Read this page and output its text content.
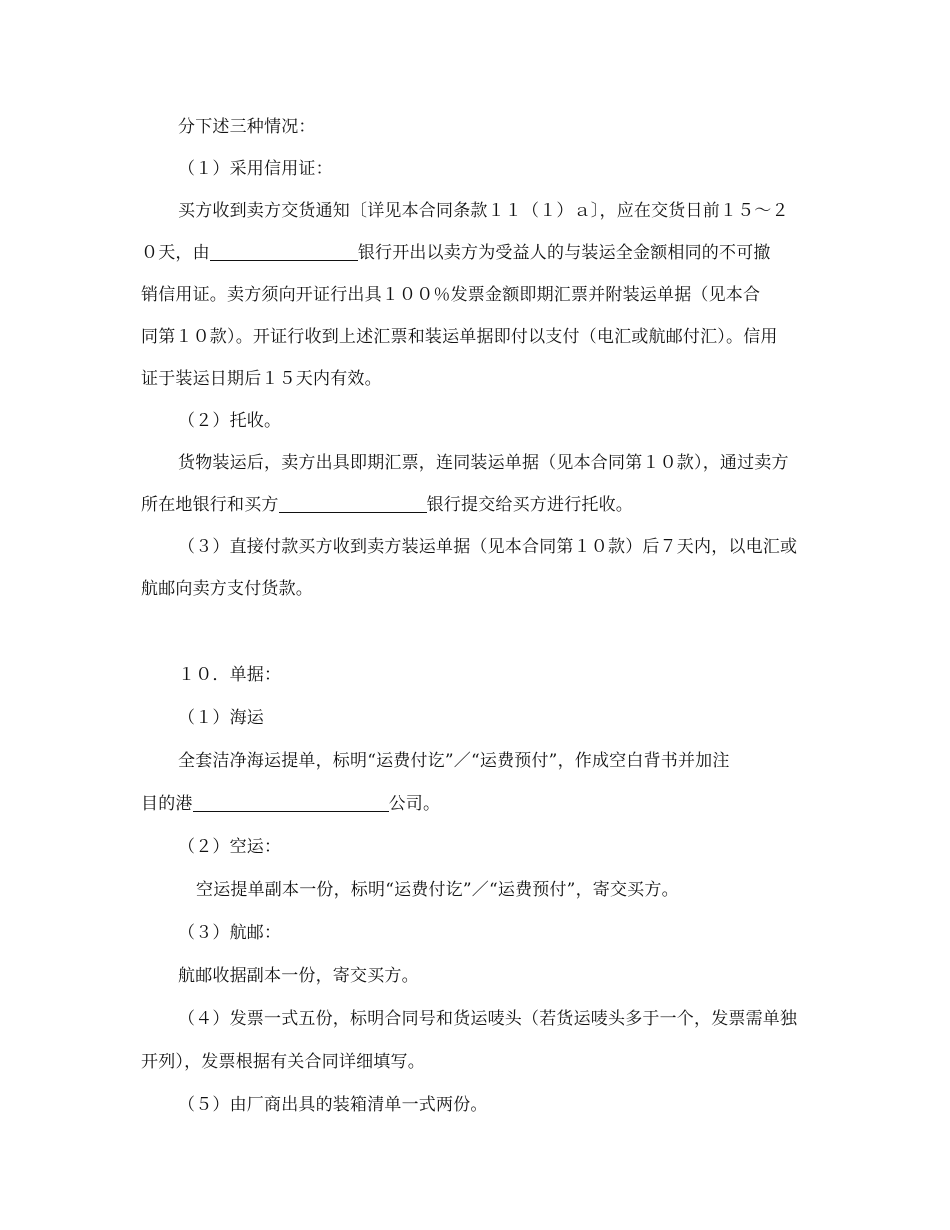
分下述三种情况：
（１）采用信用证：
买方收到卖方交货通知〔详见本合同条款１１（１）ａ〕，应在交货日前１５～２
０天，由	银行开出以卖方为受益人的与装运全金额相同的不可撤
销信用证。卖方须向开证行出具１００％发票金额即期汇票并附装运单据（见本合
同第１０款）。开证行收到上述汇票和装运单据即付以支付（电汇或航邮付汇）。信用
证于装运日期后１５天内有效。
（２）托收。
货物装运后，卖方出具即期汇票，连同装运单据（见本合同第１０款），通过卖方
所在地银行和买方	银行提交给买方进行托收。
（３）直接付款买方收到卖方装运单据（见本合同第１０款）后７天内，以电汇或
航邮向卖方支付货款。
１０．单据：
（１）海运
全套洁净海运提单，标明“运费付讫”／“运费预付”，作成空白背书并加注
目的港	公司。
（２）空运：
空运提单副本一份，标明“运费付讫”／“运费预付”，寄交买方。
（３）航邮：
航邮收据副本一份，寄交买方。
（４）发票一式五份，标明合同号和货运唛头（若货运唛头多于一个，发票需单独
开列），发票根据有关合同详细填写。
（５）由厂商出具的装箱清单一式两份。
